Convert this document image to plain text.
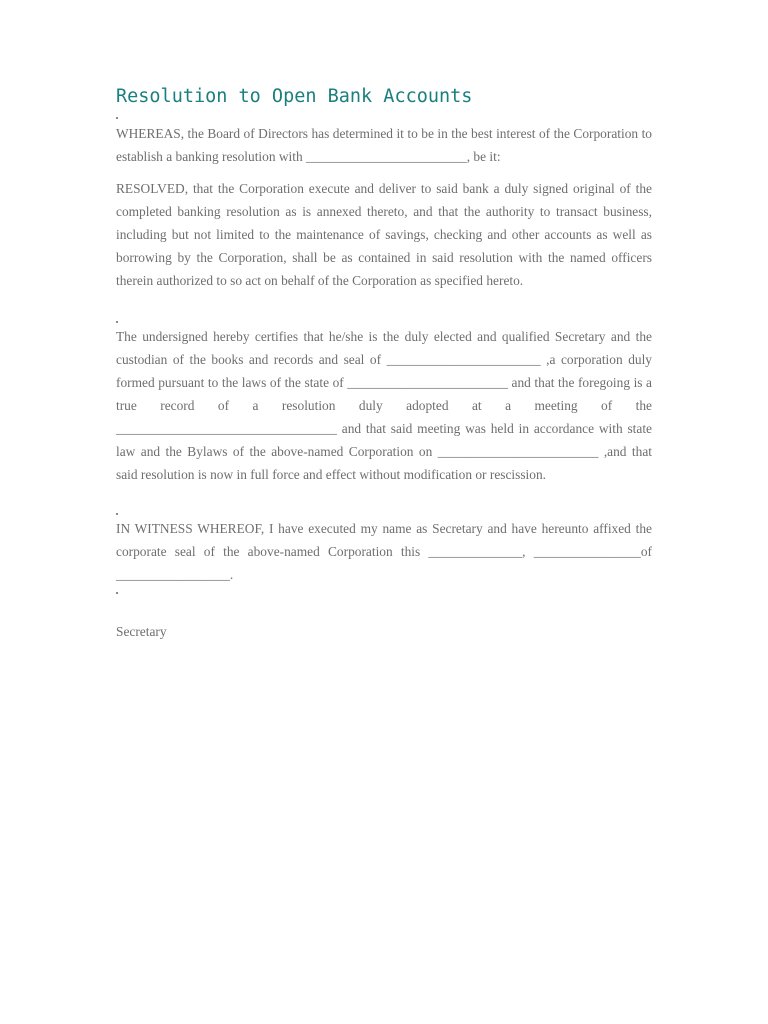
Resolution to Open Bank Accounts

WHEREAS, the Board of Directors has determined it to be in the best interest of the Corporation to establish a banking resolution with ________________________, be it:

RESOLVED, that the Corporation execute and deliver to said bank a duly signed original of the completed banking resolution as is annexed thereto, and that the authority to transact business, including but not limited to the maintenance of savings, checking and other accounts as well as borrowing by the Corporation, shall be as contained in said resolution with the named officers therein authorized to so act on behalf of the Corporation as specified hereto.

The undersigned hereby certifies that he/she is the duly elected and qualified Secretary and the custodian of the books and records and seal of _______________________ ,a corporation duly formed pursuant to the laws of the state of ________________________ and that the foregoing is a true record of a resolution duly adopted at a meeting of the _________________________________ and that said meeting was held in accordance with state law and the Bylaws of the above-named Corporation on ________________________ ,and that said resolution is now in full force and effect without modification or rescission.

IN WITNESS WHEREOF, I have executed my name as Secretary and have hereunto affixed the corporate seal of the above-named Corporation this ______________, ________________of _________________.

Secretary
